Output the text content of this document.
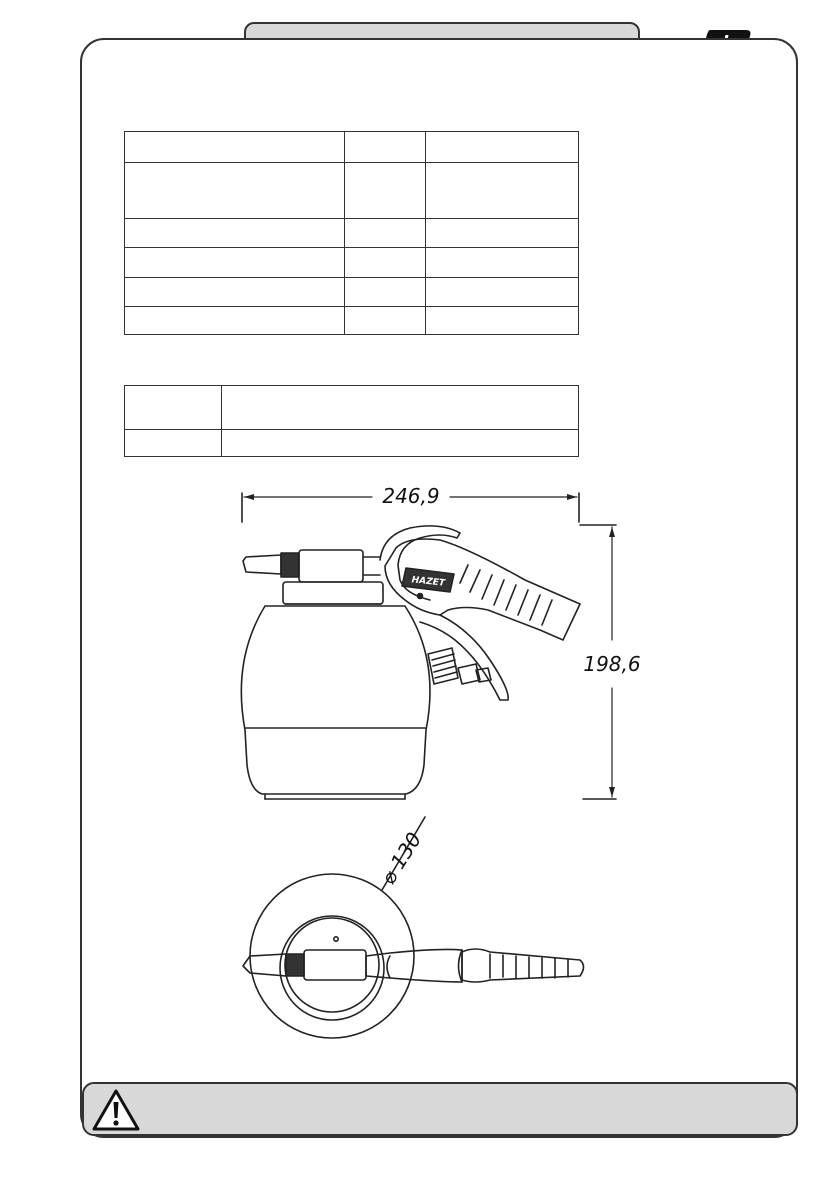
246,9
198,6
⌀ 130
HAZET
